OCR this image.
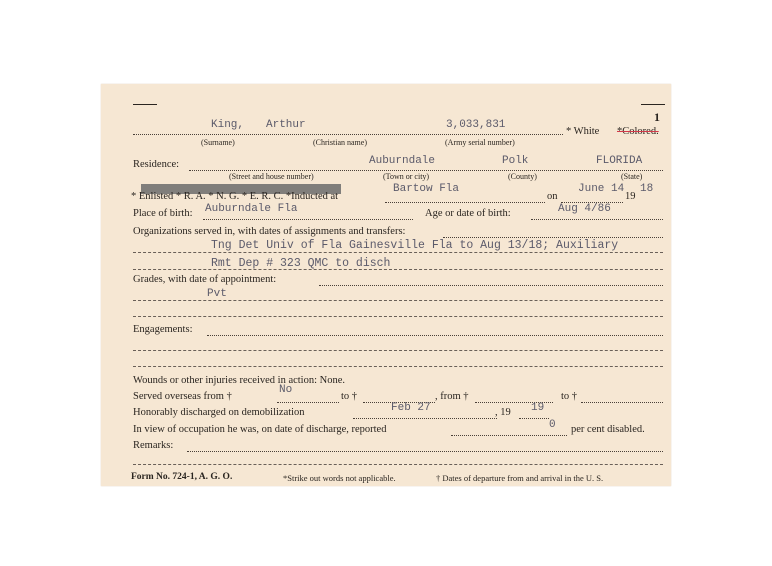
1
King, Arthur	3,033,831
* White *Colored.
(Surname)	(Christian name)	(Army serial number)
Residence:	Auburndale	Polk	FLORIDA
(Street and house number)	(Town or city)	(County)	(State)
* Enlisted * R. A. * N. G. * E. R. C. *Inducted at
Bartow Fla
on
June 14
19
18
Place of birth: Auburndale Fla	Age or date of birth:	Aug 4/86
Organizations served in, with dates of assignments and transfers:
Tng Det Univ of Fla Gainesville Fla to Aug 13/18; Auxiliary
Rmt Dep # 323 QMC to disch
Grades, with date of appointment:
Pvt
Engagements:
Wounds or other injuries received in action: None.
Served overseas from †
No
to †	, from †	to †
Honorably discharged on demobilization	Feb 27	, 19 19
In view of occupation he was, on date of discharge, reported	0 per cent disabled.
Remarks:
Form No. 724-1, A. G. O.	*Strike out words not applicable.	† Dates of departure from and arrival in the U. S.
